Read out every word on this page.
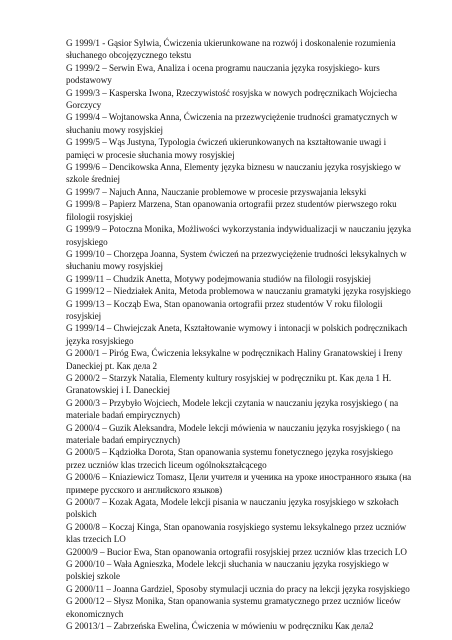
G 1999/1 - Gąsior Sylwia, Ćwiczenia ukierunkowane na rozwój i doskonalenie rozumienia słuchanego obcojęzycznego tekstu
G 1999/2 – Serwin Ewa, Analiza i ocena programu nauczania języka rosyjskiego- kurs podstawowy
G 1999/3 – Kasperska Iwona, Rzeczywistość rosyjska w nowych podręcznikach Wojciecha Gorczycy
G 1999/4 – Wojtanowska Anna, Ćwiczenia na przezwyciężenie trudności gramatycznych w słuchaniu mowy rosyjskiej
G 1999/5 – Wąs Justyna, Typologia ćwiczeń ukierunkowanych na kształtowanie uwagi i pamięci w procesie słuchania mowy rosyjskiej
G 1999/6 – Dencikowska Anna, Elementy języka biznesu w nauczaniu języka rosyjskiego w szkole średniej
G 1999/7 – Najuch Anna, Nauczanie problemowe w procesie przyswajania leksyki
G 1999/8 – Papierz Marzena, Stan opanowania ortografii przez studentów pierwszego roku filologii rosyjskiej
G 1999/9 – Potoczna Monika, Możliwości wykorzystania indywidualizacji w nauczaniu języka rosyjskiego
G 1999/10 – Chorzępa Joanna, System ćwiczeń na przezwyciężenie trudności leksykalnych w słuchaniu mowy rosyjskiej
G 1999/11 – Chudzik Anetta, Motywy podejmowania studiów na filologii rosyjskiej
G 1999/12 – Niedziałek Anita, Metoda problemowa w nauczaniu gramatyki języka rosyjskiego
G 1999/13 – Kocząb Ewa, Stan opanowania ortografii przez studentów V roku filologii rosyjskiej
G 1999/14 – Chwiejczak Aneta, Kształtowanie wymowy i intonacji w polskich podręcznikach języka rosyjskiego
G 2000/1 – Piróg Ewa, Ćwiczenia leksykalne w podręcznikach Haliny Granatowskiej i Ireny Daneckiej pt. Как дела 2
G 2000/2 – Starzyk Natalia, Elementy kultury rosyjskiej w podręczniku pt. Как дела 1 H. Granatowskiej i I. Daneckiej
G 2000/3 – Przybyło Wojciech, Modele lekcji czytania w nauczaniu języka rosyjskiego ( na materiale badań empirycznych)
G 2000/4 – Guzik Aleksandra, Modele lekcji mówienia w nauczaniu języka rosyjskiego ( na materiale badań empirycznych)
G 2000/5 – Kądziołka Dorota, Stan opanowania systemu fonetycznego języka rosyjskiego przez uczniów klas trzecich liceum ogólnokształcącego
G 2000/6 – Kniaziewicz Tomasz, Цели учителя и ученика на уроке иностранного языка (на примере русского и английского языков)
G 2000/7 – Kozak Agata, Modele lekcji pisania w nauczaniu języka rosyjskiego w szkołach polskich
G 2000/8 – Koczaj Kinga, Stan opanowania rosyjskiego systemu leksykalnego przez uczniów klas trzecich LO
G2000/9 – Bucior Ewa, Stan opanowania ortografii rosyjskiej przez uczniów klas trzecich LO
G 2000/10 – Wała Agnieszka, Modele lekcji słuchania w nauczaniu języka rosyjskiego w polskiej szkole
G 2000/11 – Joanna Gardziel, Sposoby stymulacji ucznia do pracy na lekcji języka rosyjskiego
G 2000/12 – Słysz Monika, Stan opanowania systemu gramatycznego przez uczniów liceów ekonomicznych
G 20013/1 – Zabrzeńska Ewelina, Ćwiczenia w mówieniu w podręczniku Как дела2
